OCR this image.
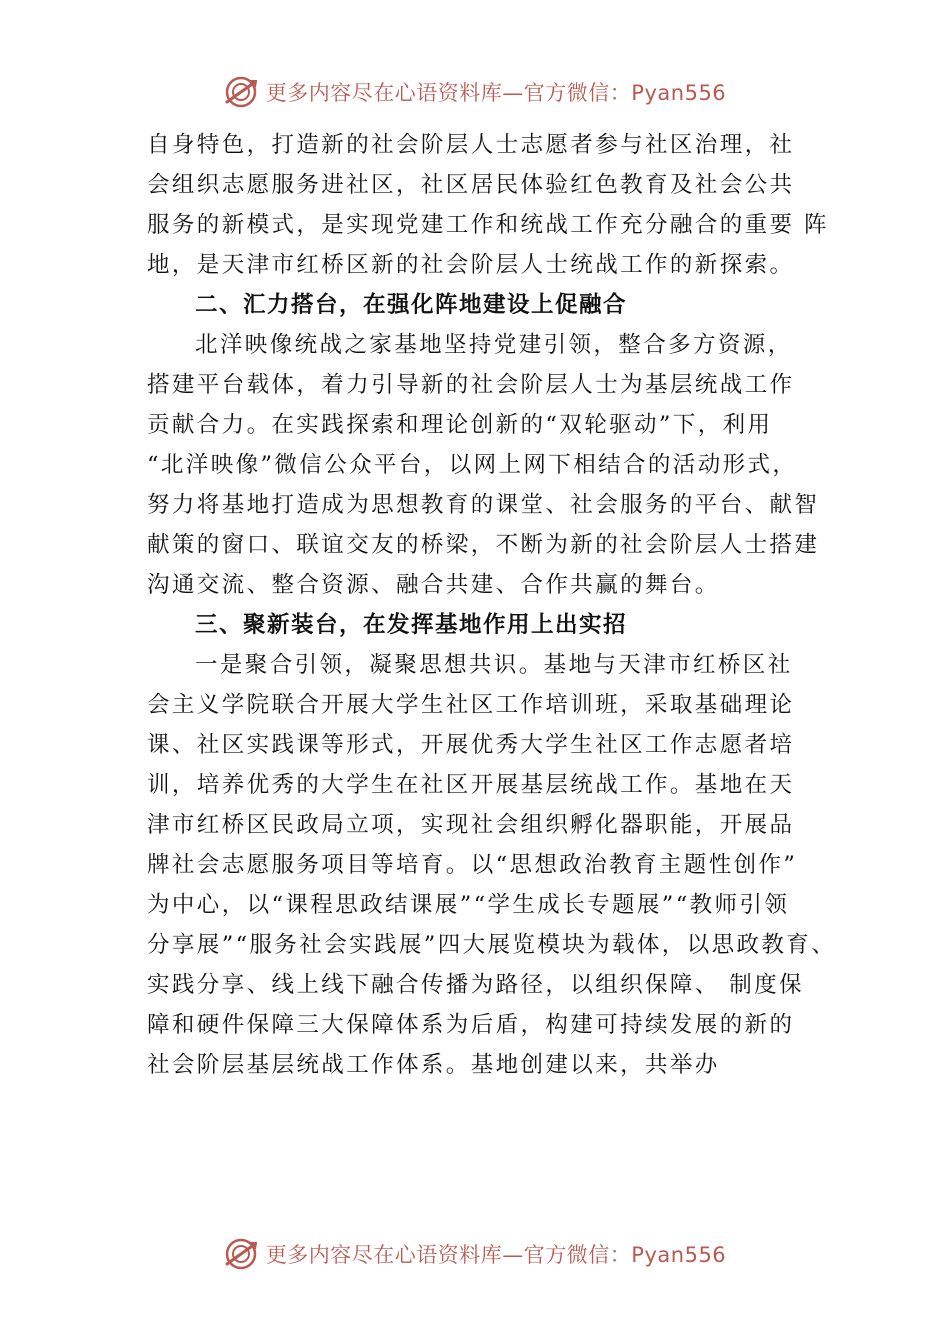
更多内容尽在心语资料库—官方微信：Pyan556
自身特色，打造新的社会阶层人士志愿者参与社区治理，社
会组织志愿服务进社区，社区居民体验红色教育及社会公共
服务的新模式，是实现党建工作和统战工作充分融合的重要 阵
地，是天津市红桥区新的社会阶层人士统战工作的新探索。
二、汇力搭台，在强化阵地建设上促融合
北洋映像统战之家基地坚持党建引领，整合多方资源，
搭建平台载体，着力引导新的社会阶层人士为基层统战工作
贡献合力。在实践探索和理论创新的“双轮驱动”下，利用
“北洋映像”微信公众平台，以网上网下相结合的活动形式，
努力将基地打造成为思想教育的课堂、社会服务的平台、献智
献策的窗口、联谊交友的桥梁，不断为新的社会阶层人士搭建
沟通交流、整合资源、融合共建、合作共赢的舞台。
三、聚新装台，在发挥基地作用上出实招
一是聚合引领，凝聚思想共识。基地与天津市红桥区社
会主义学院联合开展大学生社区工作培训班，采取基础理论
课、社区实践课等形式，开展优秀大学生社区工作志愿者培
训，培养优秀的大学生在社区开展基层统战工作。基地在天
津市红桥区民政局立项，实现社会组织孵化器职能，开展品
牌社会志愿服务项目等培育。以“思想政治教育主题性创作”
为中心，以“课程思政结课展”“学生成长专题展”“教师引领
分享展”“服务社会实践展”四大展览模块为载体，以思政教育、
实践分享、线上线下融合传播为路径，以组织保障、 制度保
障和硬件保障三大保障体系为后盾，构建可持续发展的新的
社会阶层基层统战工作体系。基地创建以来，共举办
更多内容尽在心语资料库—官方微信：Pyan556
